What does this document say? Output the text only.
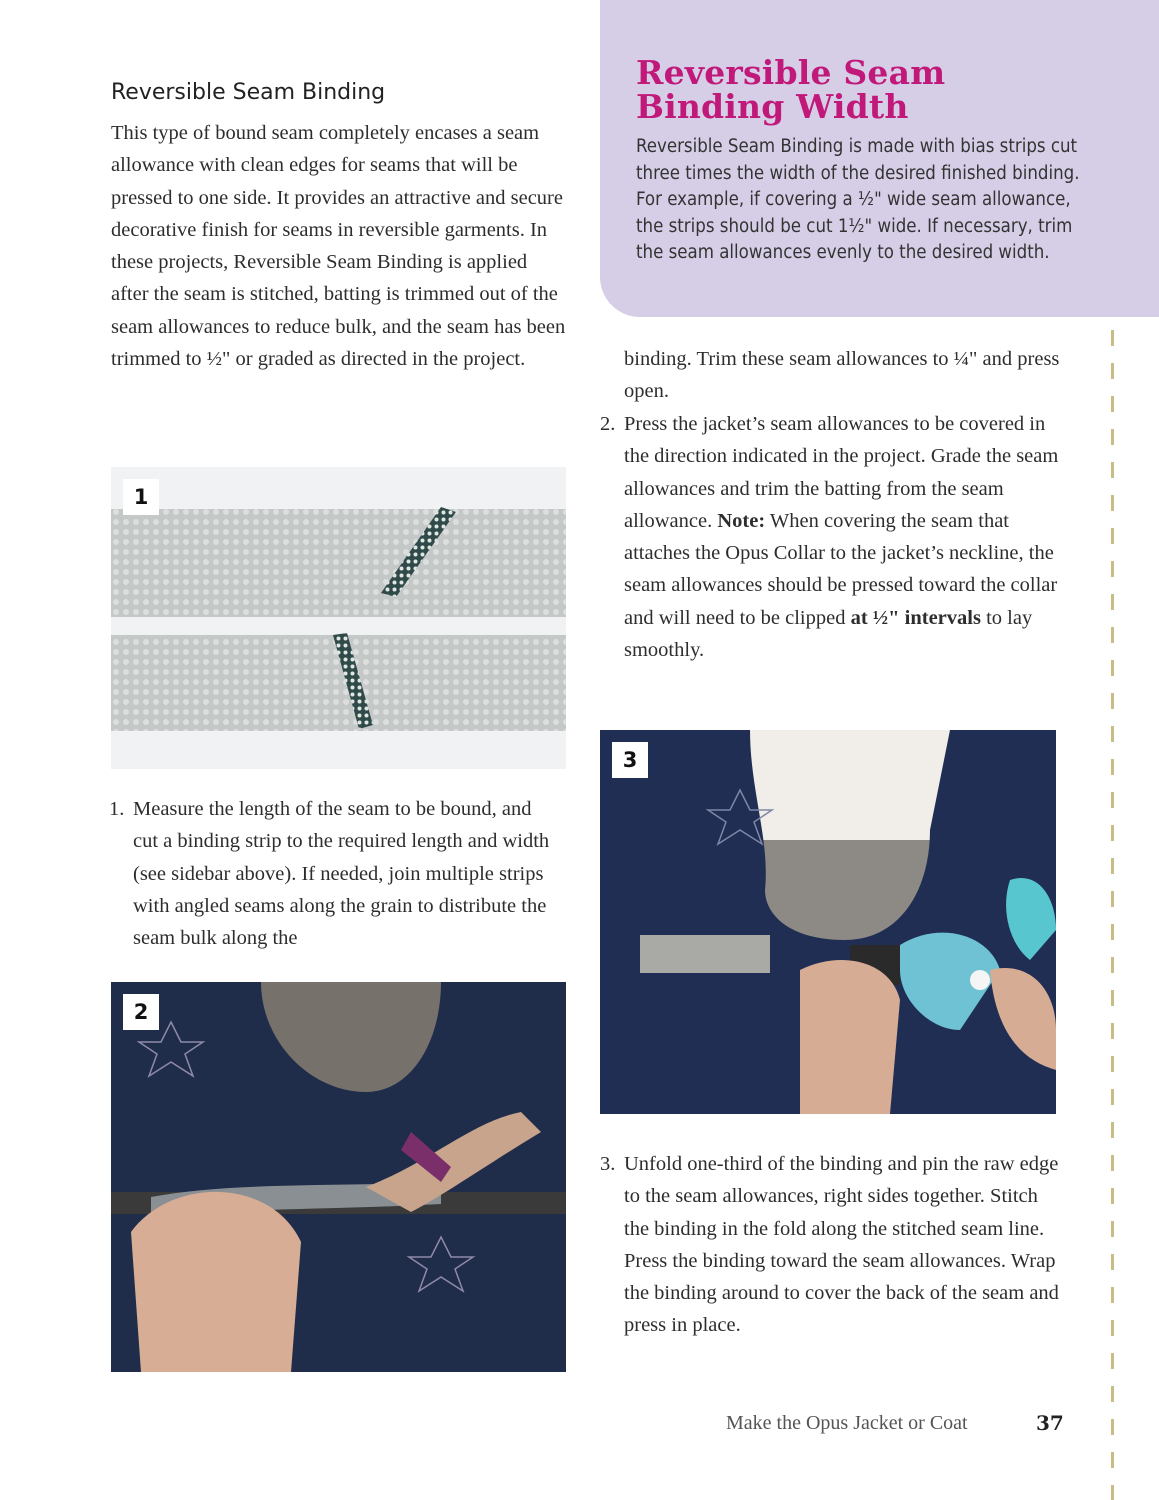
Reversible Seam Binding Width

Reversible Seam Binding is made with bias strips cut three times the width of the desired finished binding. For example, if covering a ½" wide seam allowance, the strips should be cut 1½" wide. If necessary, trim the seam allowances evenly to the desired width.

Reversible Seam Binding

This type of bound seam completely encases a seam allowance with clean edges for seams that will be pressed to one side. It provides an attractive and secure decorative finish for seams in reversible garments. In these projects, Reversible Seam Binding is applied after the seam is stitched, batting is trimmed out of the seam allowances to reduce bulk, and the seam has been trimmed to ½" or graded as directed in the project.

1
1. Measure the length of the seam to be bound, and cut a binding strip to the required length and width (see sidebar above). If needed, join multiple strips with angled seams along the grain to distribute the seam bulk along the
2

binding. Trim these seam allowances to ¼" and press open.

2. Press the jacket’s seam allowances to be covered in the direction indicated in the project. Grade the seam allowances and trim the batting from the seam allowance. Note: When covering the seam that attaches the Opus Collar to the jacket’s neckline, the seam allowances should be pressed toward the collar and will need to be clipped at ½" intervals to lay smoothly.
3
3. Unfold one-third of the binding and pin the raw edge to the seam allowances, right sides together. Stitch the binding in the fold along the stitched seam line. Press the binding toward the seam allowances. Wrap the binding around to cover the back of the seam and press in place.
Make the Opus Jacket or Coat	37
